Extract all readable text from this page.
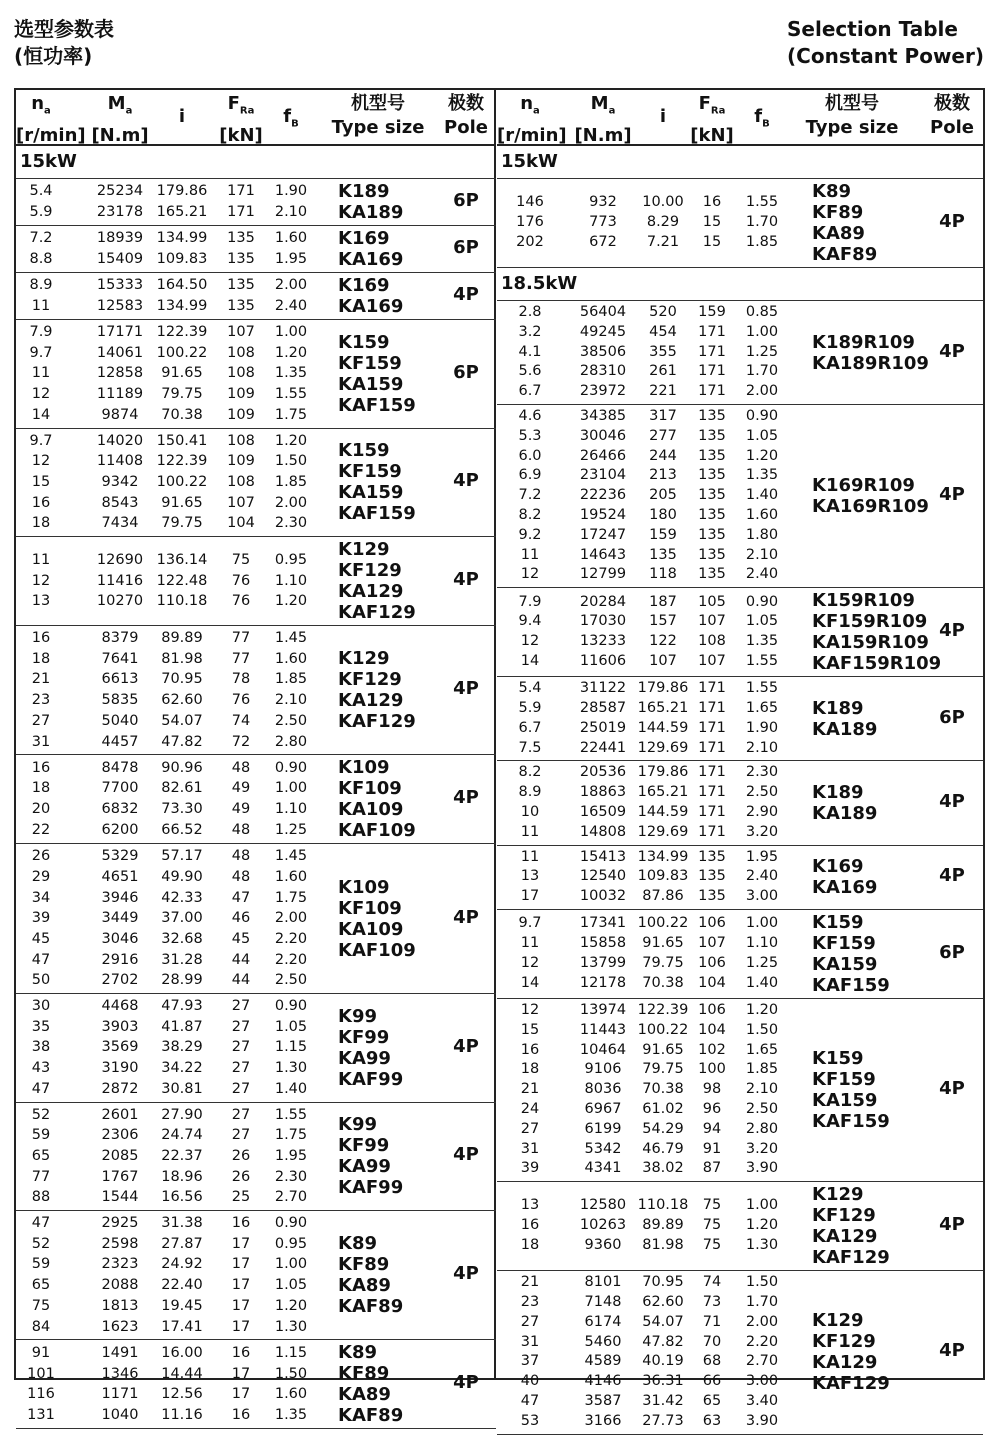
选型参数表
(恒功率)
Selection Table
(Constant Power)
$n_a$
[r/min]
$M_a$
[N.m]
i
$F_{Ra}$
[kN]
$f_B$
机型号
Type size
极数
Pole
15kW
5.4	25234 179.86	171	1.90
5.9	23178 165.21	171	2.10
K189
KA189
6P
7.2	18939 134.99	135	1.60
8.8	15409 109.83	135	1.95
K169
KA169
6P
8.9	15333 164.50	135	2.00
11	12583 134.99	135	2.40
K169
KA169
4P
7.9	17171 122.39	107	1.00
9.7	14061 100.22	108	1.20
11	12858	91.65	108	1.35
12	11189	79.75	109	1.55
14	9874	70.38	109	1.75
K159
KF159
KA159
KAF159
6P
9.7	14020 150.41	108	1.20
12	11408 122.39	109	1.50
15	9342	100.22	108	1.85
16	8543	91.65	107	2.00
18	7434	79.75	104	2.30
K159
KF159
KA159
KAF159
4P
11	12690 136.14	75	0.95
12	11416 122.48	76	1.10
13	10270 110.18	76	1.20
K129
KF129
KA129
KAF129
4P
16	8379	89.89	77	1.45
18	7641	81.98	77	1.60
21	6613	70.95	78	1.85
23	5835	62.60	76	2.10
27	5040	54.07	74	2.50
31	4457	47.82	72	2.80
K129
KF129
KA129
KAF129
4P
16	8478	90.96	48	0.90
18	7700	82.61	49	1.00
20	6832	73.30	49	1.10
22	6200	66.52	48	1.25
K109
KF109
KA109
KAF109
4P
26	5329	57.17	48	1.45
29	4651	49.90	48	1.60
34	3946	42.33	47	1.75
39	3449	37.00	46	2.00
45	3046	32.68	45	2.20
47	2916	31.28	44	2.20
50	2702	28.99	44	2.50
K109
KF109
KA109
KAF109
4P
30	4468	47.93	27	0.90
35	3903	41.87	27	1.05
38	3569	38.29	27	1.15
43	3190	34.22	27	1.30
47	2872	30.81	27	1.40
K99
KF99
KA99
KAF99
4P
52	2601	27.90	27	1.55
59	2306	24.74	27	1.75
65	2085	22.37	26	1.95
77	1767	18.96	26	2.30
88	1544	16.56	25	2.70
K99
KF99
KA99
KAF99
4P
47	2925	31.38	16	0.90
52	2598	27.87	17	0.95
59	2323	24.92	17	1.00
65	2088	22.40	17	1.05
75	1813	19.45	17	1.20
84	1623	17.41	17	1.30
K89
KF89
KA89
KAF89
4P
91	1491	16.00	16	1.15
101	1346	14.44	17	1.50
116	1171	12.56	17	1.60
131	1040	11.16	16	1.35
K89
KF89
KA89
KAF89
4P
$n_a$
[r/min]
$M_a$
[N.m]
i
$F_{Ra}$
[kN]
$f_B$
机型号
Type size
极数
Pole
15kW
146	932	10.00	16	1.55
176	773	8.29	15	1.70
202	672	7.21	15	1.85
K89
KF89
KA89
KAF89
4P
18.5kW
2.8	56404	520	159	0.85
3.2	49245	454	171	1.00
4.1	38506	355	171	1.25
5.6	28310	261	171	1.70
6.7	23972	221	171	2.00
K189R109
KA189R109
4P
4.6	34385	317	135	0.90
5.3	30046	277	135	1.05
6.0	26466	244	135	1.20
6.9	23104	213	135	1.35
7.2	22236	205	135	1.40
8.2	19524	180	135	1.60
9.2	17247	159	135	1.80
11	14643	135	135	2.10
12	12799	118	135	2.40
K169R109
KA169R109
4P
7.9	20284	187	105	0.90
9.4	17030	157	107	1.05
12	13233	122	108	1.35
14	11606	107	107	1.55
K159R109
KF159R109
KA159R109
KAF159R109
4P
5.4	31122 179.86 171	1.55
5.9	28587 165.21 171	1.65
6.7	25019 144.59 171	1.90
7.5	22441 129.69 171	2.10
K189
KA189
6P
8.2	20536 179.86 171	2.30
8.9	18863 165.21 171	2.50
10	16509 144.59 171	2.90
11	14808 129.69 171	3.20
K189
KA189
4P
11	15413 134.99 135	1.95
13	12540 109.83 135	2.40
17	10032	87.86 135	3.00
K169
KA169
4P
9.7	17341 100.22 106	1.00
11	15858	91.65 107	1.10
12	13799	79.75 106	1.25
14	12178	70.38 104	1.40
K159
KF159
KA159
KAF159
6P
12	13974 122.39 106	1.20
15	11443 100.22 104	1.50
16	10464	91.65 102	1.65
18	9106	79.75 100	1.85
21	8036	70.38	98	2.10
24	6967	61.02	96	2.50
27	6199	54.29	94	2.80
31	5342	46.79	91	3.20
39	4341	38.02	87	3.90
K159
KF159
KA159
KAF159
4P
13	12580 110.18 75	1.00
16	10263	89.89	75	1.20
18	9360	81.98	75	1.30
K129
KF129
KA129
KAF129
4P
21	8101	70.95	74	1.50
23	7148	62.60	73	1.70
27	6174	54.07	71	2.00
31	5460	47.82	70	2.20
37	4589	40.19	68	2.70
40	4146	36.31	66	3.00
47	3587	31.42	65	3.40
53	3166	27.73	63	3.90
K129
KF129
KA129
KAF129
4P
